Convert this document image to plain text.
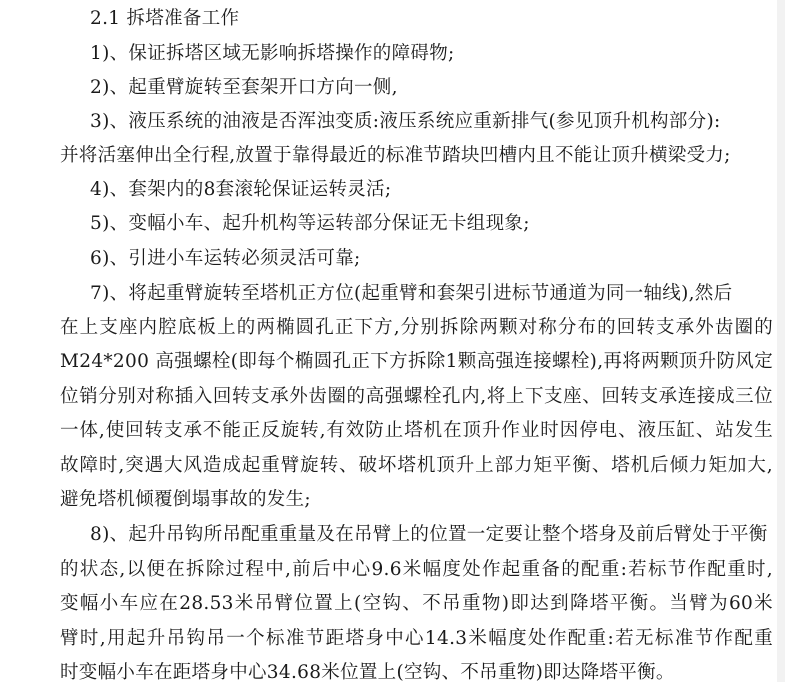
2.1 拆塔准备工作
1)、保证拆塔区域无影响拆塔操作的障碍物;
2)、起重臂旋转至套架开口方向一侧,
3)、液压系统的油液是否浑浊变质:液压系统应重新排气(参见顶升机构部分):
并将活塞伸出全行程,放置于靠得最近的标准节踏块凹槽内且不能让顶升横梁受力;
4)、套架内的8套滚轮保证运转灵活;
5)、变幅小车、起升机构等运转部分保证无卡组现象;
6)、引进小车运转必须灵活可靠;
7)、将起重臂旋转至塔机正方位(起重臂和套架引进标节通道为同一轴线),然后
在上支座内腔底板上的两椭圆孔正下方,分别拆除两颗对称分布的回转支承外齿圈的
M24*200 高强螺栓(即每个椭圆孔正下方拆除1颗高强连接螺栓),再将两颗顶升防风定
位销分别对称插入回转支承外齿圈的高强螺栓孔内,将上下支座、回转支承连接成三位
一体,使回转支承不能正反旋转,有效防止塔机在顶升作业时因停电、液压缸、站发生
故障时,突遇大风造成起重臂旋转、破坏塔机顶升上部力矩平衡、塔机后倾力矩加大,
避免塔机倾覆倒塌事故的发生;
8)、起升吊钩所吊配重重量及在吊臂上的位置一定要让整个塔身及前后臂处于平衡
的状态,以便在拆除过程中,前后中心9.6米幅度处作起重备的配重:若标节作配重时,
变幅小车应在28.53米吊臂位置上(空钩、不吊重物)即达到降塔平衡。当臂为60米
臂时,用起升吊钩吊一个标准节距塔身中心14.3米幅度处作配重:若无标准节作配重
时变幅小车在距塔身中心34.68米位置上(空钩、不吊重物)即达降塔平衡。
